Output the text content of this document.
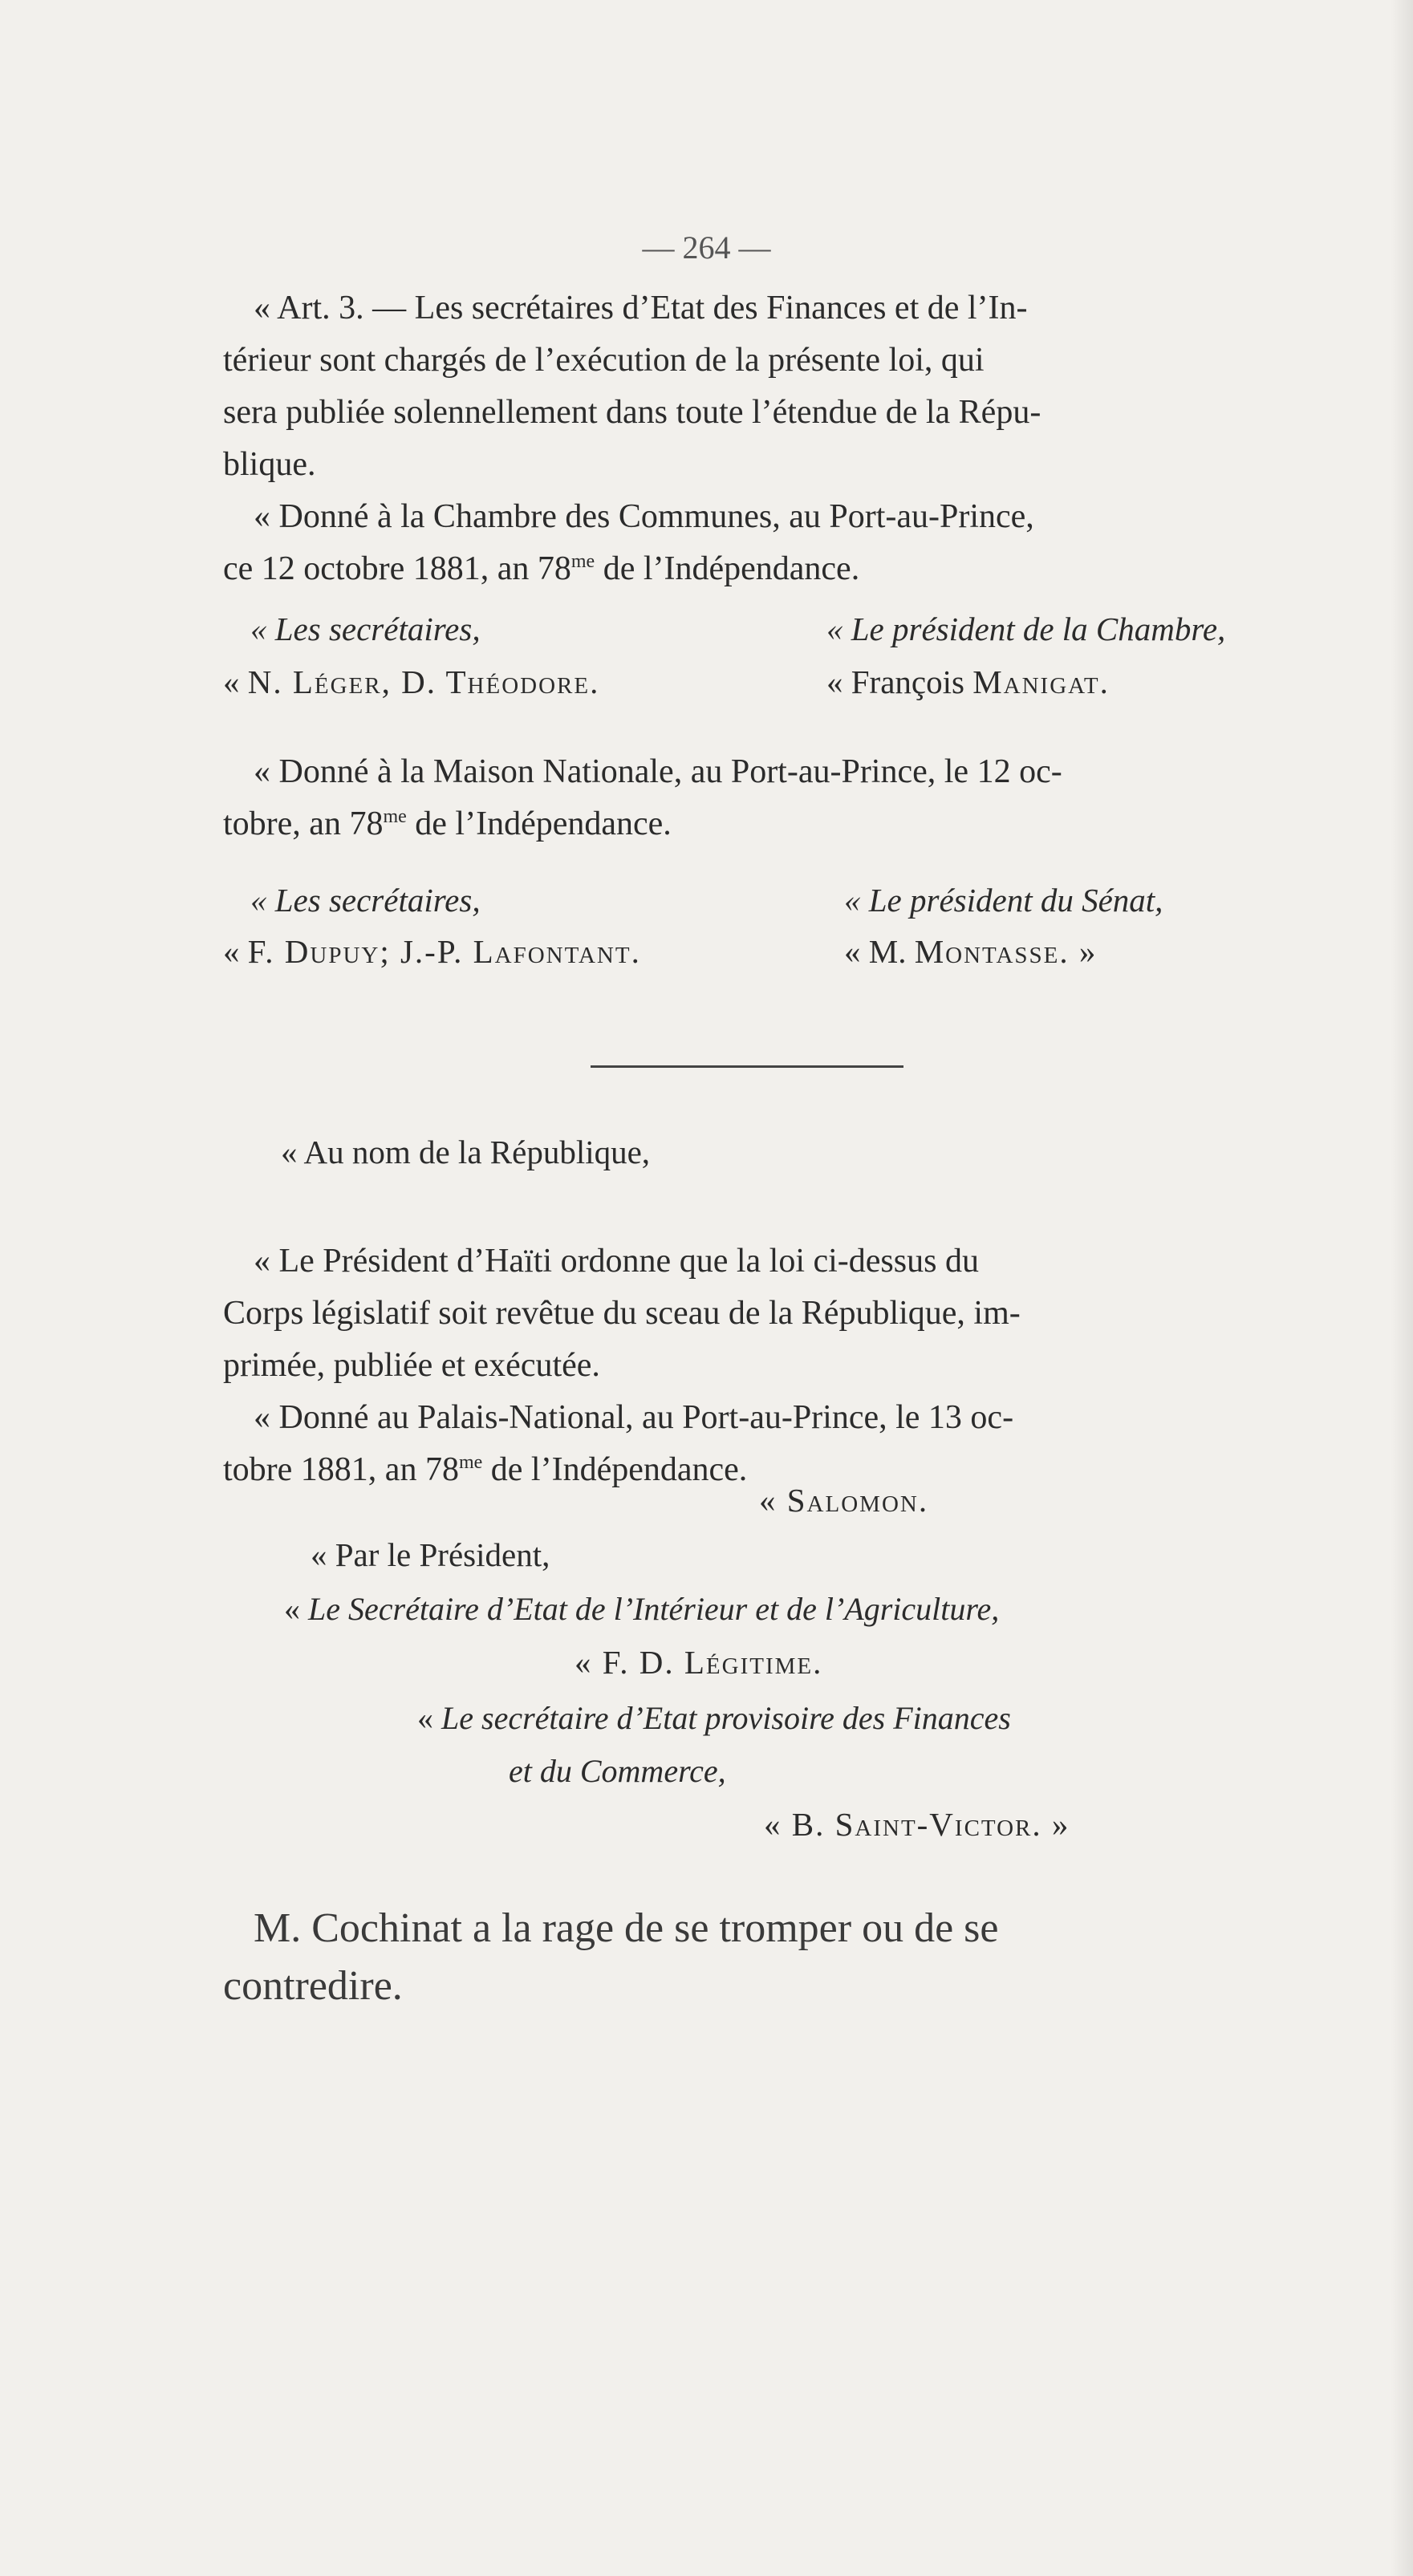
— 264 —
« Art. 3. — Les secrétaires d’Etat des Finances et de l’In-
térieur sont chargés de l’exécution de la présente loi, qui
sera publiée solennellement dans toute l’étendue de la Répu-
blique.
« Donné à la Chambre des Communes, au Port-au-Prince,
ce 12 octobre 1881, an $78^{me}$ de l’Indépendance.
« Les secrétaires,	« Le président de la Chambre,
« N. Léger, D. Théodore.	« François Manigat.
« Donné à la Maison Nationale, au Port-au-Prince, le 12 oc-
tobre, an $78^{me}$ de l’Indépendance.
« Les secrétaires,	« Le président du Sénat,
« F. Dupuy; J.-P. Lafontant.	« M. Montasse. »
« Au nom de la République,
« Le Président d’Haïti ordonne que la loi ci-dessus du
Corps législatif soit revêtue du sceau de la République, im-
primée, publiée et exécutée.
« Donné au Palais-National, au Port-au-Prince, le 13 oc-
tobre 1881, an $78^{me}$ de l’Indépendance.
« Salomon.
« Par le Président,
« Le Secrétaire d’Etat de l’Intérieur et de l’Agriculture,
« F. D. Légitime.
« Le secrétaire d’Etat provisoire des Finances
et du Commerce,
« B. Saint-Victor. »
M. Cochinat a la rage de se tromper ou de se
contredire.
